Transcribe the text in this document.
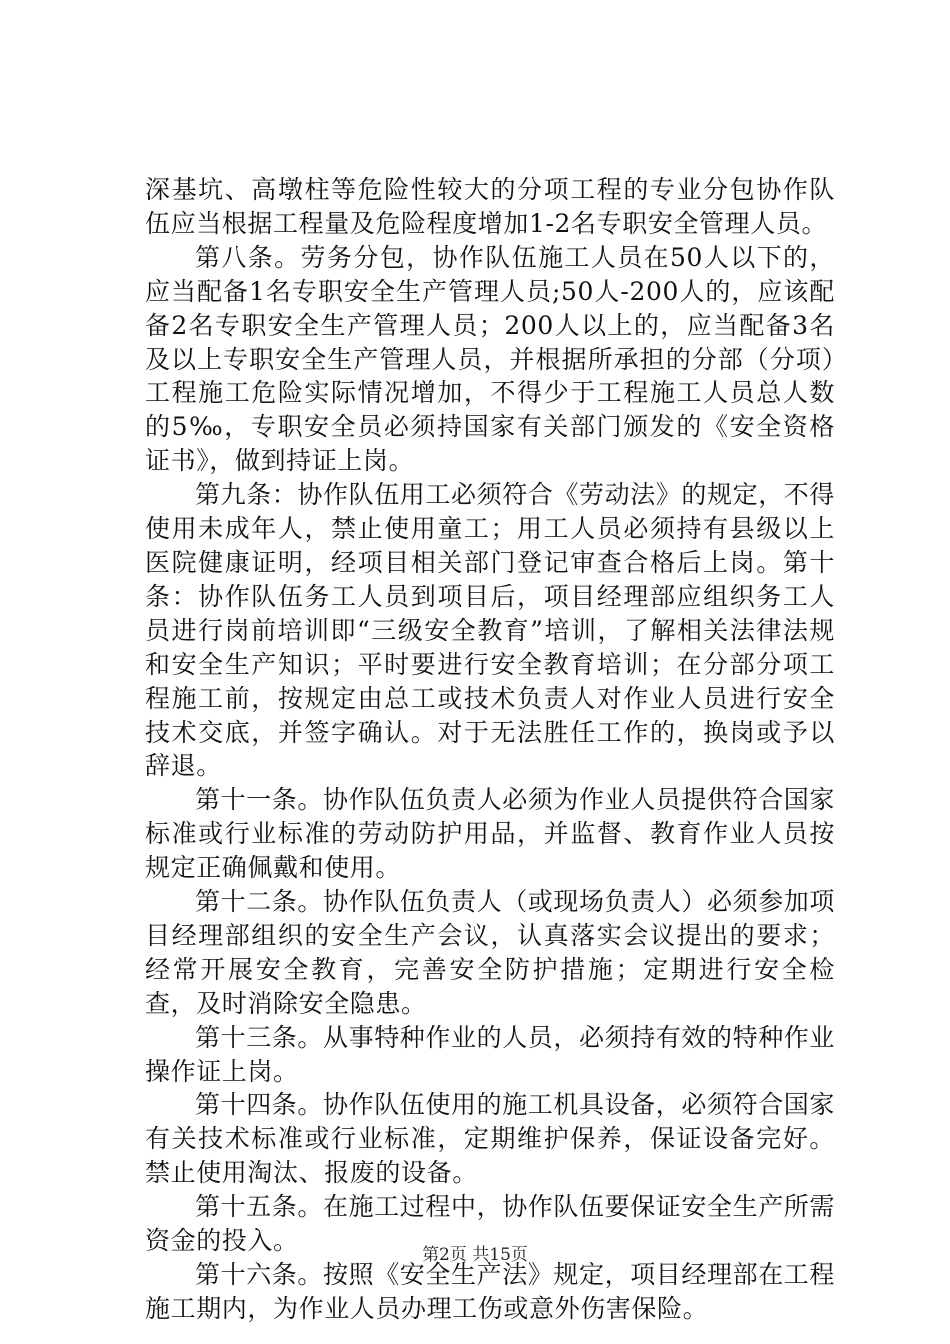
深基坑、高墩柱等危险性较大的分项工程的专业分包协作队伍应当根据工程量及危险程度增加1-2名专职安全管理人员。

第八条。劳务分包，协作队伍施工人员在50人以下的，应当配备1名专职安全生产管理人员;50人-200人的，应该配备2名专职安全生产管理人员；200人以上的，应当配备3名及以上专职安全生产管理人员，并根据所承担的分部（分项）工程施工危险实际情况增加，不得少于工程施工人员总人数的5‰，专职安全员必须持国家有关部门颁发的《安全资格证书》，做到持证上岗。

第九条：协作队伍用工必须符合《劳动法》的规定，不得使用未成年人，禁止使用童工；用工人员必须持有县级以上医院健康证明，经项目相关部门登记审查合格后上岗。第十条：协作队伍务工人员到项目后，项目经理部应组织务工人员进行岗前培训即“三级安全教育”培训，了解相关法律法规和安全生产知识；平时要进行安全教育培训；在分部分项工程施工前，按规定由总工或技术负责人对作业人员进行安全技术交底，并签字确认。对于无法胜任工作的，换岗或予以辞退。

第十一条。协作队伍负责人必须为作业人员提供符合国家标准或行业标准的劳动防护用品，并监督、教育作业人员按规定正确佩戴和使用。

第十二条。协作队伍负责人（或现场负责人）必须参加项目经理部组织的安全生产会议，认真落实会议提出的要求；经常开展安全教育，完善安全防护措施；定期进行安全检查，及时消除安全隐患。

第十三条。从事特种作业的人员，必须持有效的特种作业操作证上岗。

第十四条。协作队伍使用的施工机具设备，必须符合国家有关技术标准或行业标准，定期维护保养，保证设备完好。禁止使用淘汰、报废的设备。

第十五条。在施工过程中，协作队伍要保证安全生产所需资金的投入。

第十六条。按照《安全生产法》规定，项目经理部在工程施工期内，为作业人员办理工伤或意外伤害保险。

第2页 共15页
